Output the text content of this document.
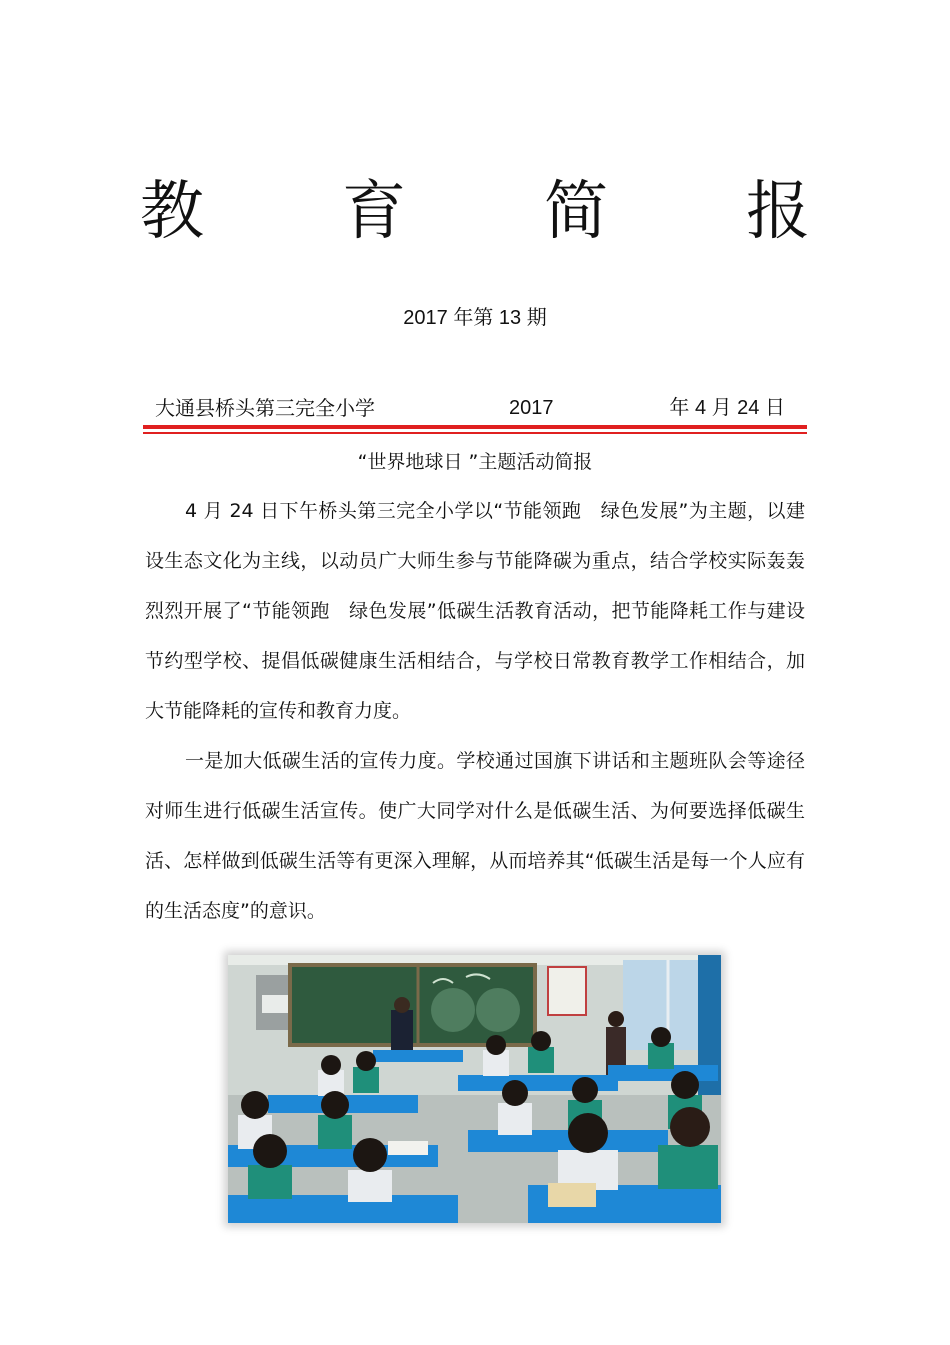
教 育 简 报
2017 年第 13 期
大通县桥头第三完全小学	2017	年 4 月 24 日
“世界地球日 ”主题活动简报

4 月 24 日下午桥头第三完全小学以“节能领跑　绿色发展”为主题，以建设生态文化为主线，以动员广大师生参与节能降碳为重点，结合学校实际轰轰烈烈开展了“节能领跑　绿色发展”低碳生活教育活动，把节能降耗工作与建设节约型学校、提倡低碳健康生活相结合，与学校日常教育教学工作相结合，加大节能降耗的宣传和教育力度。

一是加大低碳生活的宣传力度。学校通过国旗下讲话和主题班队会等途径对师生进行低碳生活宣传。使广大同学对什么是低碳生活、为何要选择低碳生活、怎样做到低碳生活等有更深入理解，从而培养其“低碳生活是每一个人应有的生活态度”的意识。
